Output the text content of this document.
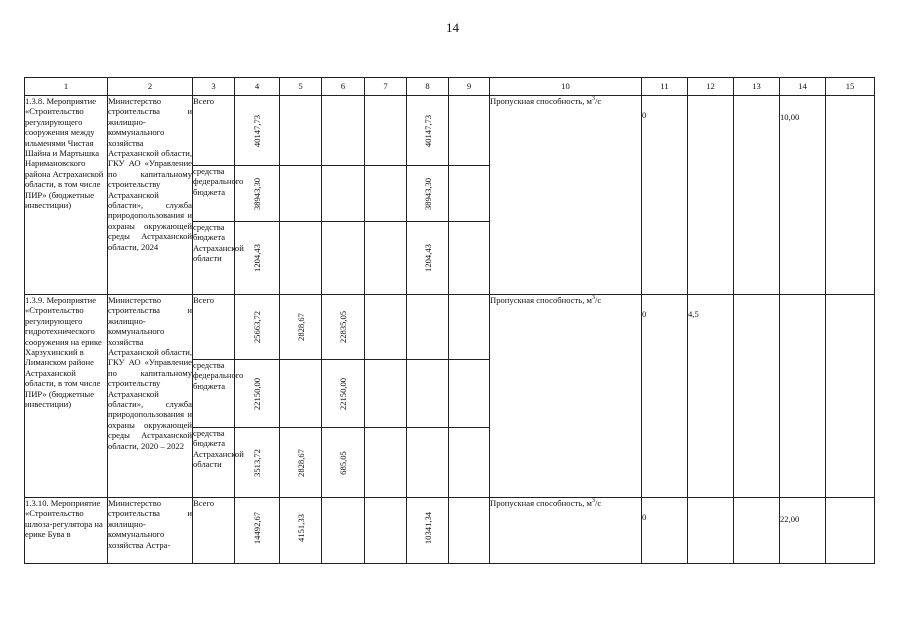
14
1	2	3	4	5	6	7	8	9	10	11	12	13	14	15
1.3.8. Мероприятие «Строительство регулирующего сооружения между ильменями Чистая Шайна и Мартышка Наримановского района Астраханской области, в том числе ПИР» (бюджетные инвестиции)	Министерство строительства и жилищно-коммунального хозяйства Астраханской области, ГКУ АО «Управление по капитальному строительству Астраханской области», служба природопользования и охраны окружающей среды Астраханской области, 2024	Всего	40147,73				40147,73		Пропускная способность, $м^3/с$	0			10,00	
		средства федерального бюджета	38943,30				38943,30							

		средства бюджета Астраханской области	1204,43				1204,43							

1.3.9. Мероприятие «Строительство регулирующего гидротехнического сооружения на ерике Харзухинский в Лиманском районе Астраханской области, в том числе ПИР» (бюджетные инвестиции)	Министерство строительства и жилищно-коммунального хозяйства Астраханской области, ГКУ АО «Управление по капитальному строительству Астраханской области», служба природопользования и охраны окружающей среды Астраханской области, 2020 – 2022	Всего	25663,72	2828,67	22835,05				Пропускная способность, $м^3/с$	0	4,5			
		средства федерального бюджета	22150,00		22150,00									

		средства бюджета Астраханской области	3513,72	2828,67	685,05									

1.3.10. Мероприятие «Строительство шлюза-регулятора на ерике Бува в	Министерство строительства и жилищно-коммунального хозяйства Астра-	Всего	14492,67	4151,33			10341,34		Пропускная способность, $м^3/с$	0			22,00	
